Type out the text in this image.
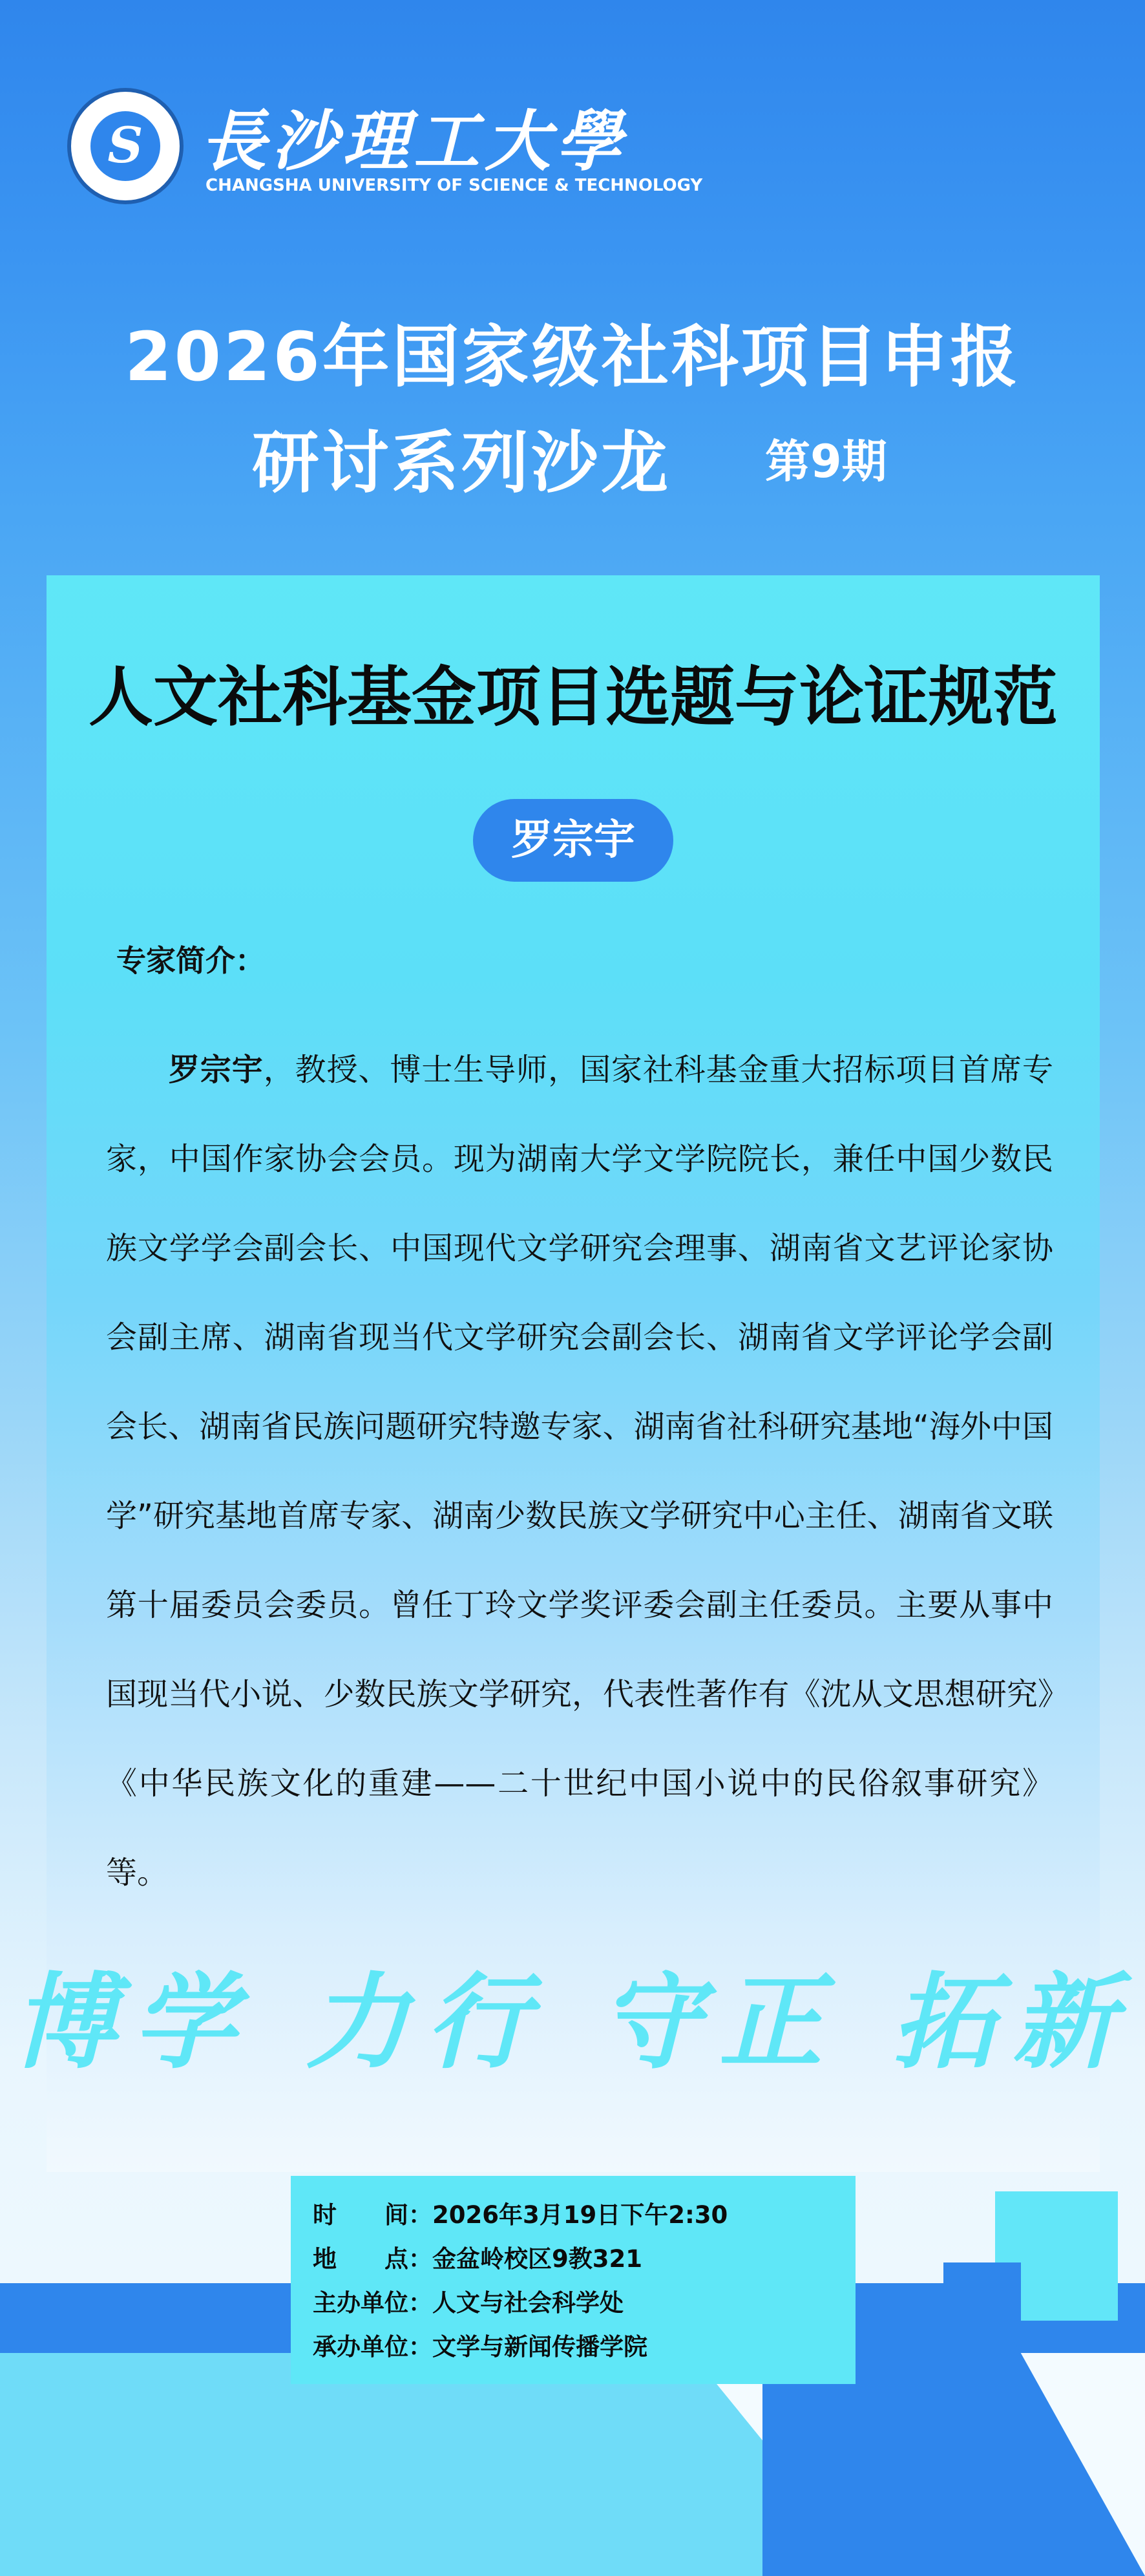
S 長沙理工大學
CHANGSHA UNIVERSITY OF SCIENCE & TECHNOLOGY
2026年国家级社科项目申报
研讨系列沙龙 第9期
人文社科基金项目选题与论证规范
罗宗宇
专家简介：
罗宗宇，教授、博士生导师，国家社科基金重大招标项目首席专家，中国作家协会会员。现为湖南大学文学院院长，兼任中国少数民族文学学会副会长、中国现代文学研究会理事、湖南省文艺评论家协会副主席、湖南省现当代文学研究会副会长、湖南省文学评论学会副会长、湖南省民族问题研究特邀专家、湖南省社科研究基地“海外中国学”研究基地首席专家、湖南少数民族文学研究中心主任、湖南省文联第十届委员会委员。曾任丁玲文学奖评委会副主任委员。主要从事中国现当代小说、少数民族文学研究，代表性著作有《沈从文思想研究》《中华民族文化的重建——二十世纪中国小说中的民俗叙事研究》等。
博学 力行 守正 拓新
时　　间：2026年3月19日下午2:30
地　　点：金盆岭校区9教321
主办单位：人文与社会科学处
承办单位：文学与新闻传播学院
